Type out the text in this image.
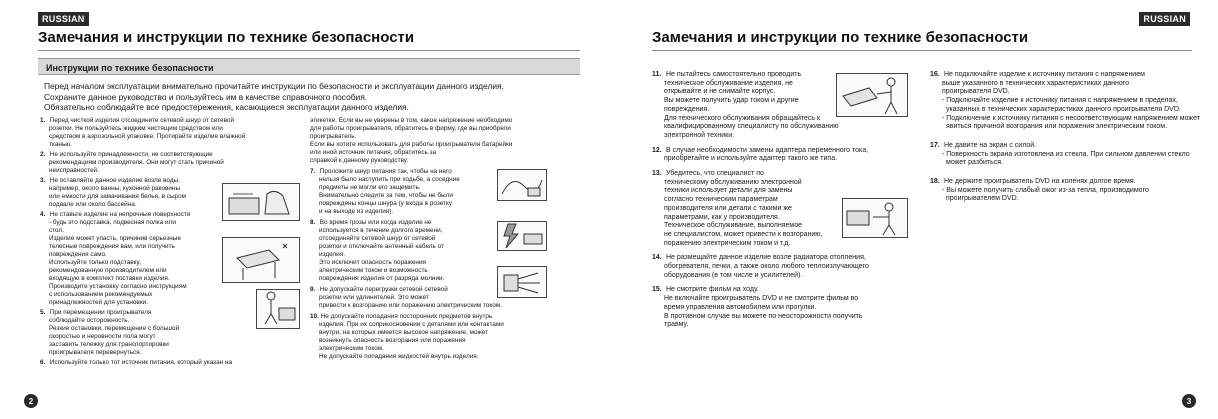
RUSSIAN
Замечания и инструкции по технике безопасности
Инструкции по технике безопасности
Перед началом эксплуатации внимательно прочитайте инструкции по безопасности и эксплуатации данного изделия.
Сохраните данное руководство и пользуйтесь им в качестве справочного пособия.
Обязательно соблюдайте все предостережения, касающиеся эксплуатации данного изделия.
1. Перед чисткой изделия отсоедините сетевой шнур от сетевой
розетки. Не пользуйтесь жидким чистящим средством или
средством в аэрозольной упаковке. Протирайте изделие влажной
тканью.
2. Не используйте принадлежности, не соответствующие
рекомендациям производителя. Они могут стать причиной
неисправностей.
3. Не оставляйте данное изделие возле воды,
например, около ванны, кухонной раковины
или емкости для замачивания белья, в сыром
подвале или около бассейна.
4. Не ставьте изделие на непрочные поверхности
- будь это подставка, подвесная полка или
стол.
Изделие может упасть, причинив серьезные
телесные повреждения вам, или получить
повреждения само.
Используйте только подставку,
рекомендованную производителем или
входящую в комплект поставки изделия.
Производите установку согласно инструкциям
с использованием рекомендуемых
принадлежностей для установки.
5. При перемещении проигрывателя
соблюдайте осторожность.
Резкие остановки, перемещение с большой
скоростью и неровности пола могут
заставить тележку для транспортировки
проигрывателя перевернуться.
6. Используйте только тот источник питания, который указан на
этикетке. Если вы не уверены в том, какое напряжение необходимо
для работы проигрывателя, обратитесь в фирму, где вы приобрели
проигрыватель.
Если вы хотите использовать для работы проигрывателя батарейки
или иной источник питания, обратитесь за
справкой к данному руководству.
7. Проложите шнур питания так, чтобы на него
нельзя было наступить при ходьбе, а соседние
предметы не могли его защемить.
Внимательно следите за тем, чтобы не были
повреждены концы шнура (у входа в розетку
и на выходе из изделия).
8. Во время грозы или когда изделие не
используется в течение долгого времени,
отсоединяйте сетевой шнур от сетевой
розетки и отключайте антенный кабель от
изделия.
Это исключит опасность поражения
электрическим током и возможность
повреждения изделия от разряда молнии.
9. Не допускайте перегрузки сетевой сетевой
розетки или удлинителей. Это может
привести к возгоранию или поражению электрическим током.
10. Не допускайте попадания посторонних предметов внутрь
изделия. При их соприкосновении с деталями или контактами
внутри, на которых имеется высокое напряжение, может
возникнуть опасность возгорания или поражения
электрическим током.
Не допускайте попадания жидкостей внутрь изделия.
2
RUSSIAN
Замечания и инструкции по технике безопасности
11. Не пытайтесь самостоятельно проводить
техническое обслуживание изделия, не
открывайте и не снимайте корпус.
Вы можете получить удар током и другие
повреждения.
Для технического обслуживания обращайтесь к
квалифицированному специалисту по обслуживанию
электронной техники.
12. В случае необходимости замены адаптера переменного тока,
приобретайте и используйте адаптер такого же типа.
13. Убедитесь, что специалист по
техническому обслуживанию электронной
техники использует детали для замены
согласно техническим параметрам
производителя или детали с такими же
параметрами, как у производителя.
Техническое обслуживание, выполняемое
не специалистом, может привести к возгоранию,
поражению электрическим током и т.д.
14. Не размещайте данное изделие возле радиатора отопления,
обогревателя, печки, а также около любого теплоизлучающего
оборудования (в том числе и усилителей).
15. Не смотрите фильм на ходу.
Не включайте проигрыватель DVD и не смотрите фильм во
время управления автомобилем или прогулки.
В противном случае вы можете по неосторожности получить
травму.
16. Не подключайте изделие к источнику питания с напряжением
выше указанного в технических характеристиках данного
проигрывателя DVD.
- Подключайте изделие к источнику питания с напряжением в пределах, указанных в технических характеристиках данного проигрывателя DVD.
- Подключение к источнику питания с несоответствующим напряжением может явиться причиной возгорания или поражения электрическим током.
17. Не давите на экран с силой.
- Поверхность экрана изготовлена из стекла. При сильном давлении стекло может разбиться.
18. Не держите проигрыватель DVD на коленях долгое время.
- Вы можете получить слабый ожог из-за тепла, производимого проигрывателем DVD.
3
